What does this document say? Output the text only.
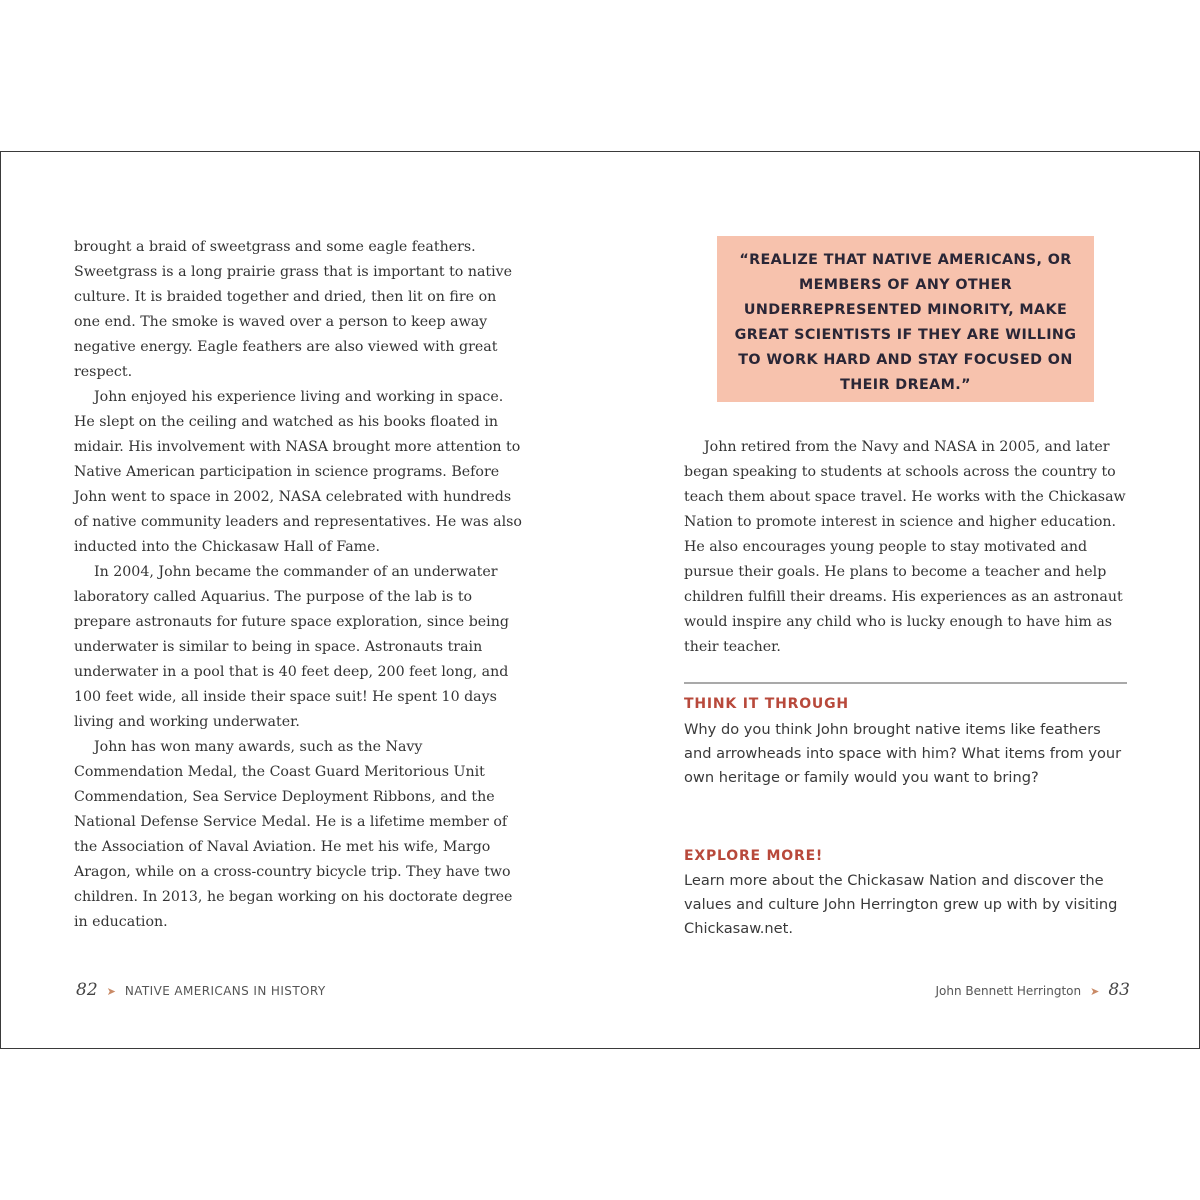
brought a braid of sweetgrass and some eagle feathers. Sweetgrass is a long prairie grass that is important to native culture. It is braided together and dried, then lit on fire on one end. The smoke is waved over a person to keep away negative energy. Eagle feathers are also viewed with great respect.

John enjoyed his experience living and working in space. He slept on the ceiling and watched as his books floated in midair. His involvement with NASA brought more attention to Native American participation in science programs. Before John went to space in 2002, NASA celebrated with hundreds of native community leaders and representatives. He was also inducted into the Chickasaw Hall of Fame.

In 2004, John became the commander of an underwater laboratory called Aquarius. The purpose of the lab is to prepare astronauts for future space exploration, since being underwater is similar to being in space. Astronauts train underwater in a pool that is 40 feet deep, 200 feet long, and 100 feet wide, all inside their space suit! He spent 10 days living and working underwater.

John has won many awards, such as the Navy Commendation Medal, the Coast Guard Meritorious Unit Commendation, Sea Service Deployment Ribbons, and the National Defense Service Medal. He is a lifetime member of the Association of Naval Aviation. He met his wife, Margo Aragon, while on a cross-country bicycle trip. They have two children. In 2013, he began working on his doctorate degree in education.

82 ➤ NATIVE AMERICANS IN HISTORY
“REALIZE THAT NATIVE AMERICANS, OR MEMBERS OF ANY OTHER UNDERREPRESENTED MINORITY, MAKE GREAT SCIENTISTS IF THEY ARE WILLING TO WORK HARD AND STAY FOCUSED ON THEIR DREAM.”

John retired from the Navy and NASA in 2005, and later began speaking to students at schools across the country to teach them about space travel. He works with the Chickasaw Nation to promote interest in science and higher education. He also encourages young people to stay motivated and pursue their goals. He plans to become a teacher and help children fulfill their dreams. His experiences as an astronaut would inspire any child who is lucky enough to have him as their teacher.

THINK IT THROUGH
Why do you think John brought native items like feathers and arrowheads into space with him? What items from your own heritage or family would you want to bring?
EXPLORE MORE!
Learn more about the Chickasaw Nation and discover the values and culture John Herrington grew up with by visiting Chickasaw.net.
John Bennett Herrington ➤ 83
